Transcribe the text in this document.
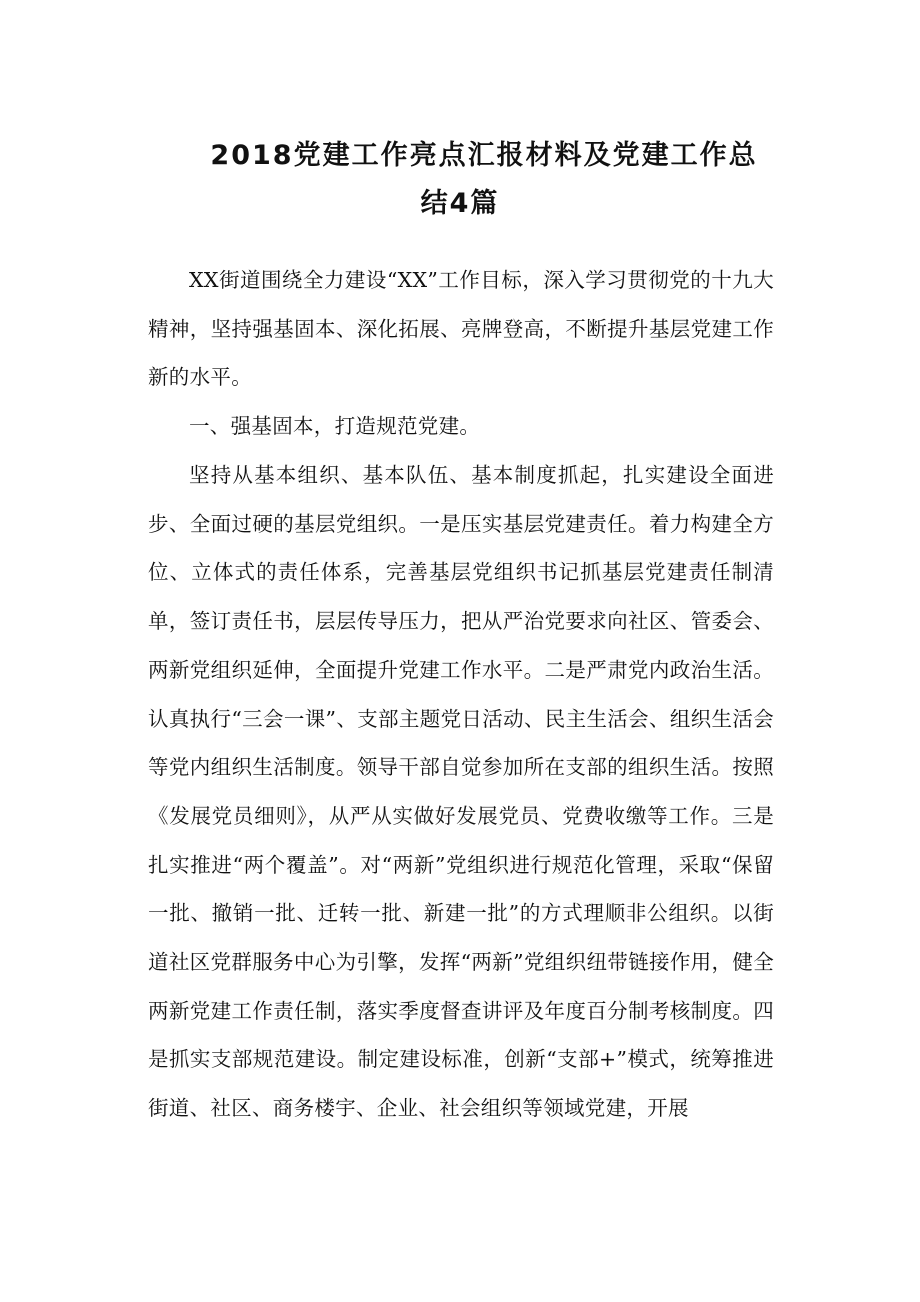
2018党建工作亮点汇报材料及党建工作总
结4篇

XX街道围绕全力建设“XX”工作目标，深入学习贯彻党的十九大精神，坚持强基固本、深化拓展、亮牌登高，不断提升基层党建工作新的水平。

一、强基固本，打造规范党建。

坚持从基本组织、基本队伍、基本制度抓起，扎实建设全面进步、全面过硬的基层党组织。一是压实基层党建责任。着力构建全方位、立体式的责任体系，完善基层党组织书记抓基层党建责任制清单，签订责任书，层层传导压力，把从严治党要求向社区、管委会、两新党组织延伸，全面提升党建工作水平。二是严肃党内政治生活。认真执行“三会一课”、支部主题党日活动、民主生活会、组织生活会等党内组织生活制度。领导干部自觉参加所在支部的组织生活。按照《发展党员细则》，从严从实做好发展党员、党费收缴等工作。三是扎实推进“两个覆盖”。对“两新”党组织进行规范化管理，采取“保留一批、撤销一批、迁转一批、新建一批”的方式理顺非公组织。以街道社区党群服务中心为引擎，发挥“两新”党组织纽带链接作用，健全两新党建工作责任制，落实季度督查讲评及年度百分制考核制度。四是抓实支部规范建设。制定建设标准，创新“支部+”模式，统筹推进街道、社区、商务楼宇、企业、社会组织等领域党建，开展
